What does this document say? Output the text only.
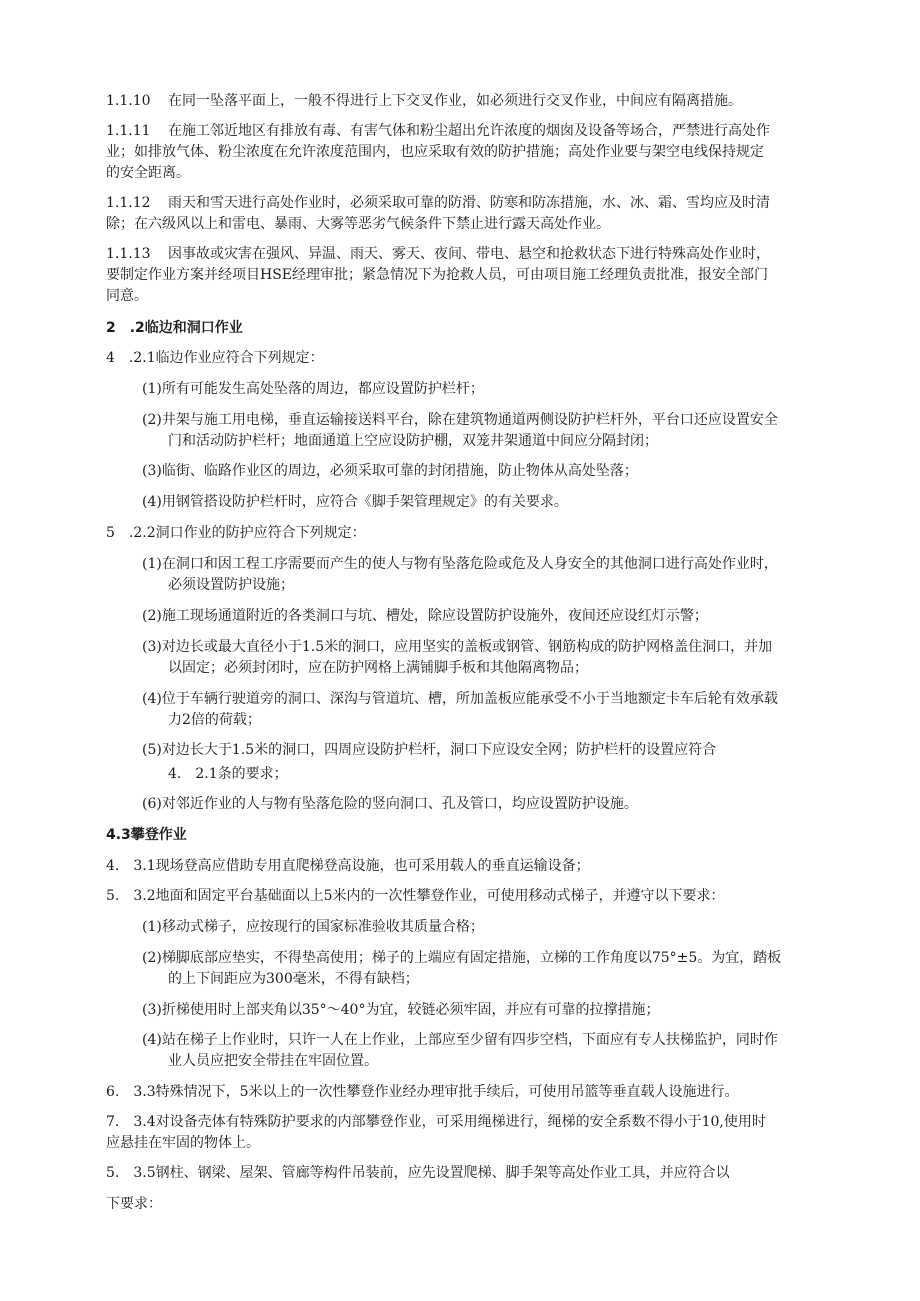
1.1.10 在同一坠落平面上，一般不得进行上下交叉作业，如必须进行交叉作业，中间应有隔离措施。
1.1.11 在施工邻近地区有排放有毒、有害气体和粉尘超出允许浓度的烟囱及设备等场合，严禁进行高处作
业；如排放气体、粉尘浓度在允许浓度范围内，也应采取有效的防护措施；高处作业要与架空电线保持规定
的安全距离。
1.1.12 雨天和雪天进行高处作业时，必须采取可靠的防滑、防寒和防冻措施，水、冰、霜、雪均应及时清
除；在六级风以上和雷电、暴雨、大雾等恶劣气候条件下禁止进行露天高处作业。
1.1.13 因事故或灾害在强风、异温、雨天、雾天、夜间、带电、悬空和抢救状态下进行特殊高处作业时，
要制定作业方案并经项目HSE经理审批；紧急情况下为抢救人员，可由项目施工经理负责批准，报安全部门
同意。
2　.2临边和洞口作业
4　.2.1临边作业应符合下列规定：
(1)所有可能发生高处坠落的周边，都应设置防护栏杆；
(2)井架与施工用电梯，垂直运输接送料平台，除在建筑物通道两侧设防护栏杆外，平台口还应设置安全
门和活动防护栏杆；地面通道上空应设防护棚，双笼井架通道中间应分隔封闭；
(3)临街、临路作业区的周边，必须采取可靠的封闭措施，防止物体从高处坠落；
(4)用钢管搭设防护栏杆时，应符合《脚手架管理规定》的有关要求。
5　.2.2洞口作业的防护应符合下列规定：
(1)在洞口和因工程工序需要而产生的使人与物有坠落危险或危及人身安全的其他洞口进行高处作业时，
必须设置防护设施；
(2)施工现场通道附近的各类洞口与坑、槽处，除应设置防护设施外，夜间还应设红灯示警；
(3)对边长或最大直径小于1.5米的洞口，应用坚实的盖板或钢管、钢筋构成的防护网格盖住洞口，并加
以固定；必须封闭时，应在防护网格上满铺脚手板和其他隔离物品；
(4)位于车辆行驶道旁的洞口、深沟与管道坑、槽，所加盖板应能承受不小于当地额定卡车后轮有效承载
力2倍的荷载；
(5)对边长大于1.5米的洞口，四周应设防护栏杆，洞口下应设安全网；防护栏杆的设置应符合
4.　2.1条的要求；
(6)对邻近作业的人与物有坠落危险的竖向洞口、孔及管口，均应设置防护设施。
4.3攀登作业
4.　3.1现场登高应借助专用直爬梯登高设施，也可采用载人的垂直运输设备；
5.　3.2地面和固定平台基础面以上5米内的一次性攀登作业，可使用移动式梯子，并遵守以下要求：
(1)移动式梯子，应按现行的国家标准验收其质量合格；
(2)梯脚底部应垫实，不得垫高使用；梯子的上端应有固定措施，立梯的工作角度以75°±5。为宜，踏板
的上下间距应为300毫米，不得有缺档；
(3)折梯使用时上部夹角以35°～40°为宜，较链必须牢固，并应有可靠的拉撑措施；
(4)站在梯子上作业时，只许一人在上作业，上部应至少留有四步空档，下面应有专人扶梯监护，同时作
业人员应把安全带挂在牢固位置。
6.　3.3特殊情况下，5米以上的一次性攀登作业经办理审批手续后，可使用吊篮等垂直载人设施进行。
7.　3.4对设备壳体有特殊防护要求的内部攀登作业，可采用绳梯进行，绳梯的安全系数不得小于10,使用时
应悬挂在牢固的物体上。
5.　3.5钢柱、钢梁、屋架、管廊等构件吊装前，应先设置爬梯、脚手架等高处作业工具，并应符合以
下要求：
